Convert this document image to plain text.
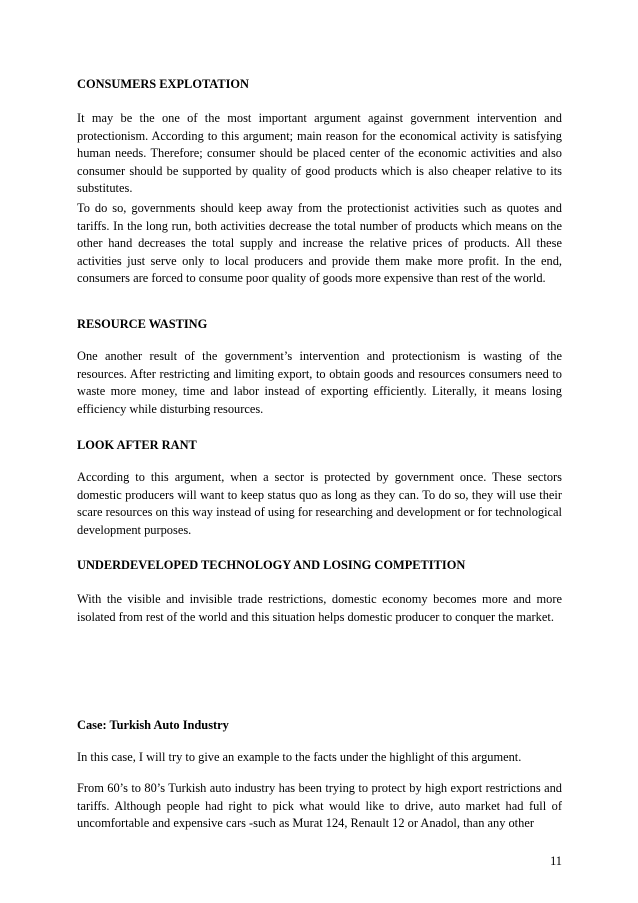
CONSUMERS EXPLOTATION

It may be the one of the most important argument against government intervention and protectionism. According to this argument; main reason for the economical activity is satisfying human needs. Therefore; consumer should be placed center of the economic activities and also consumer should be supported by quality of good products which is also cheaper relative to its substitutes.

To do so, governments should keep away from the protectionist activities such as quotes and tariffs. In the long run, both activities decrease the total number of products which means on the other hand decreases the total supply and increase the relative prices of products. All these activities just serve only to local producers and provide them make more profit. In the end, consumers are forced to consume poor quality of goods more expensive than rest of the world.

RESOURCE WASTING

One another result of the government’s intervention and protectionism is wasting of the resources. After restricting and limiting export, to obtain goods and resources consumers need to waste more money, time and labor instead of exporting efficiently. Literally, it means losing efficiency while disturbing resources.

LOOK AFTER RANT

According to this argument, when a sector is protected by government once. These sectors domestic producers will want to keep status quo as long as they can. To do so, they will use their scare resources on this way instead of using for researching and development or for technological development purposes.

UNDERDEVELOPED TECHNOLOGY AND LOSING COMPETITION

With the visible and invisible trade restrictions, domestic economy becomes more and more isolated from rest of the world and this situation helps domestic producer to conquer the market.

Case: Turkish Auto Industry

In this case, I will try to give an example to the facts under the highlight of this argument.

From 60’s to 80’s Turkish auto industry has been trying to protect by high export restrictions and tariffs. Although people had right to pick what would like to drive, auto market had full of uncomfortable and expensive cars -such as Murat 124, Renault 12 or Anadol, than any other

11
